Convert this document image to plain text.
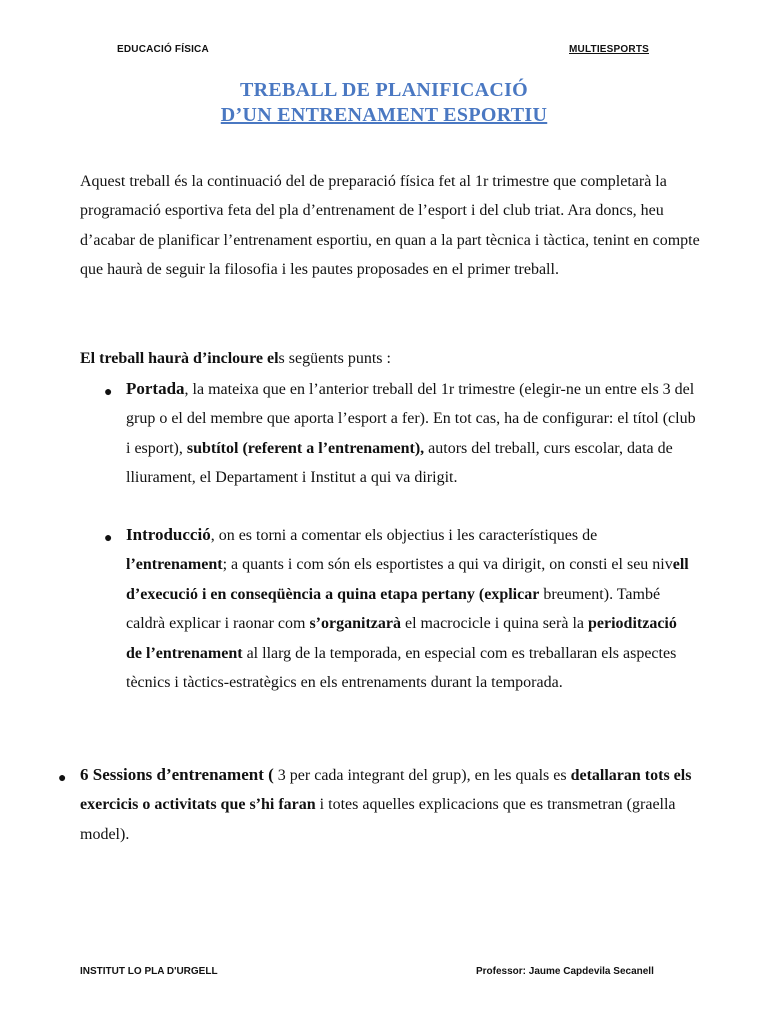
EDUCACIÓ FÍSICA	MULTIESPORTS
TREBALL DE PLANIFICACIÓ
D’UN ENTRENAMENT ESPORTIU
Aquest treball és la continuació del de preparació física fet al 1r trimestre que completarà la programació esportiva feta del pla d’entrenament de l’esport i del club triat. Ara doncs, heu d’acabar de planificar l’entrenament esportiu, en quan a la part tècnica i tàctica, tenint en compte que haurà de seguir la filosofia i les pautes proposades en el primer treball.
El treball haurà d’incloure els següents punts :
● Portada, la mateixa que en l’anterior treball del 1r trimestre (elegir-ne un entre els 3 del grup o el del membre que aporta l’esport a fer). En tot cas, ha de configurar: el títol (club i esport), subtítol (referent a l’entrenament), autors del treball, curs escolar, data de lliurament, el Departament i Institut a qui va dirigit.
● Introducció, on es torni a comentar els objectius i les característiques de l’entrenament; a quants i com són els esportistes a qui va dirigit, on consti el seu nivell d’execució i en conseqüència a quina etapa pertany (explicar breument). També caldrà explicar i raonar com s’organitzarà el macrocicle i quina serà la periodització de l’entrenament al llarg de la temporada, en especial com es treballaran els aspectes tècnics i tàctics-estratègics en els entrenaments durant la temporada.
● 6 Sessions d’entrenament ( 3 per cada integrant del grup), en les quals es detallaran tots els exercicis o activitats que s’hi faran i totes aquelles explicacions que es transmetran (graella model).
INSTITUT LO PLA D'URGELL	Professor: Jaume Capdevila Secanell
